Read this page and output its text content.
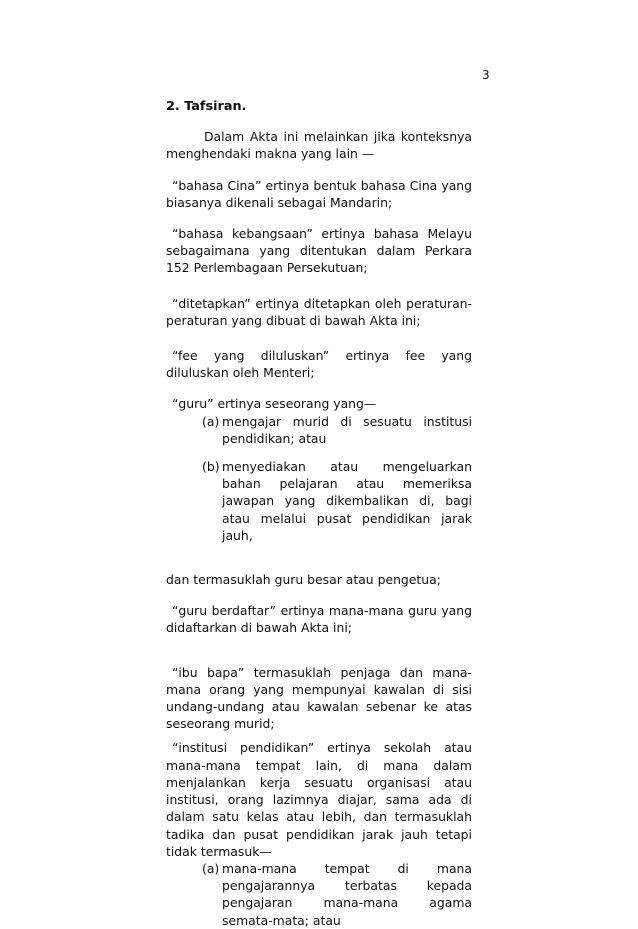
3
2. Tafsiran.

Dalam Akta ini melainkan jika konteksnya menghendaki makna yang lain —

“bahasa Cina” ertinya bentuk bahasa Cina yang biasanya dikenali sebagai Mandarin;

“bahasa kebangsaan” ertinya bahasa Melayu sebagaimana yang ditentukan dalam Perkara 152 Perlembagaan Persekutuan;

“ditetapkan” ertinya ditetapkan oleh peraturan-peraturan yang dibuat di bawah Akta ini;

“fee yang diluluskan” ertinya fee yang diluluskan oleh Menteri;

“guru” ertinya seseorang yang—

(a) mengajar murid di sesuatu institusi pendidikan; atau
(b) menyediakan atau mengeluarkan bahan pelajaran atau memeriksa jawapan yang dikembalikan di, bagi atau melalui pusat pendidikan jarak jauh,

dan termasuklah guru besar atau pengetua;

“guru berdaftar” ertinya mana-mana guru yang didaftarkan di bawah Akta ini;

“ibu bapa” termasuklah penjaga dan mana-mana orang yang mempunyai kawalan di sisi undang-undang atau kawalan sebenar ke atas seseorang murid;

“institusi pendidikan” ertinya sekolah atau mana-mana tempat lain, di mana dalam menjalankan kerja sesuatu organisasi atau institusi, orang lazimnya diajar, sama ada di dalam satu kelas atau lebih, dan termasuklah tadika dan pusat pendidikan jarak jauh tetapi tidak termasuk—

(a) mana-mana tempat di mana pengajarannya terbatas kepada pengajaran mana-mana agama semata-mata; atau
